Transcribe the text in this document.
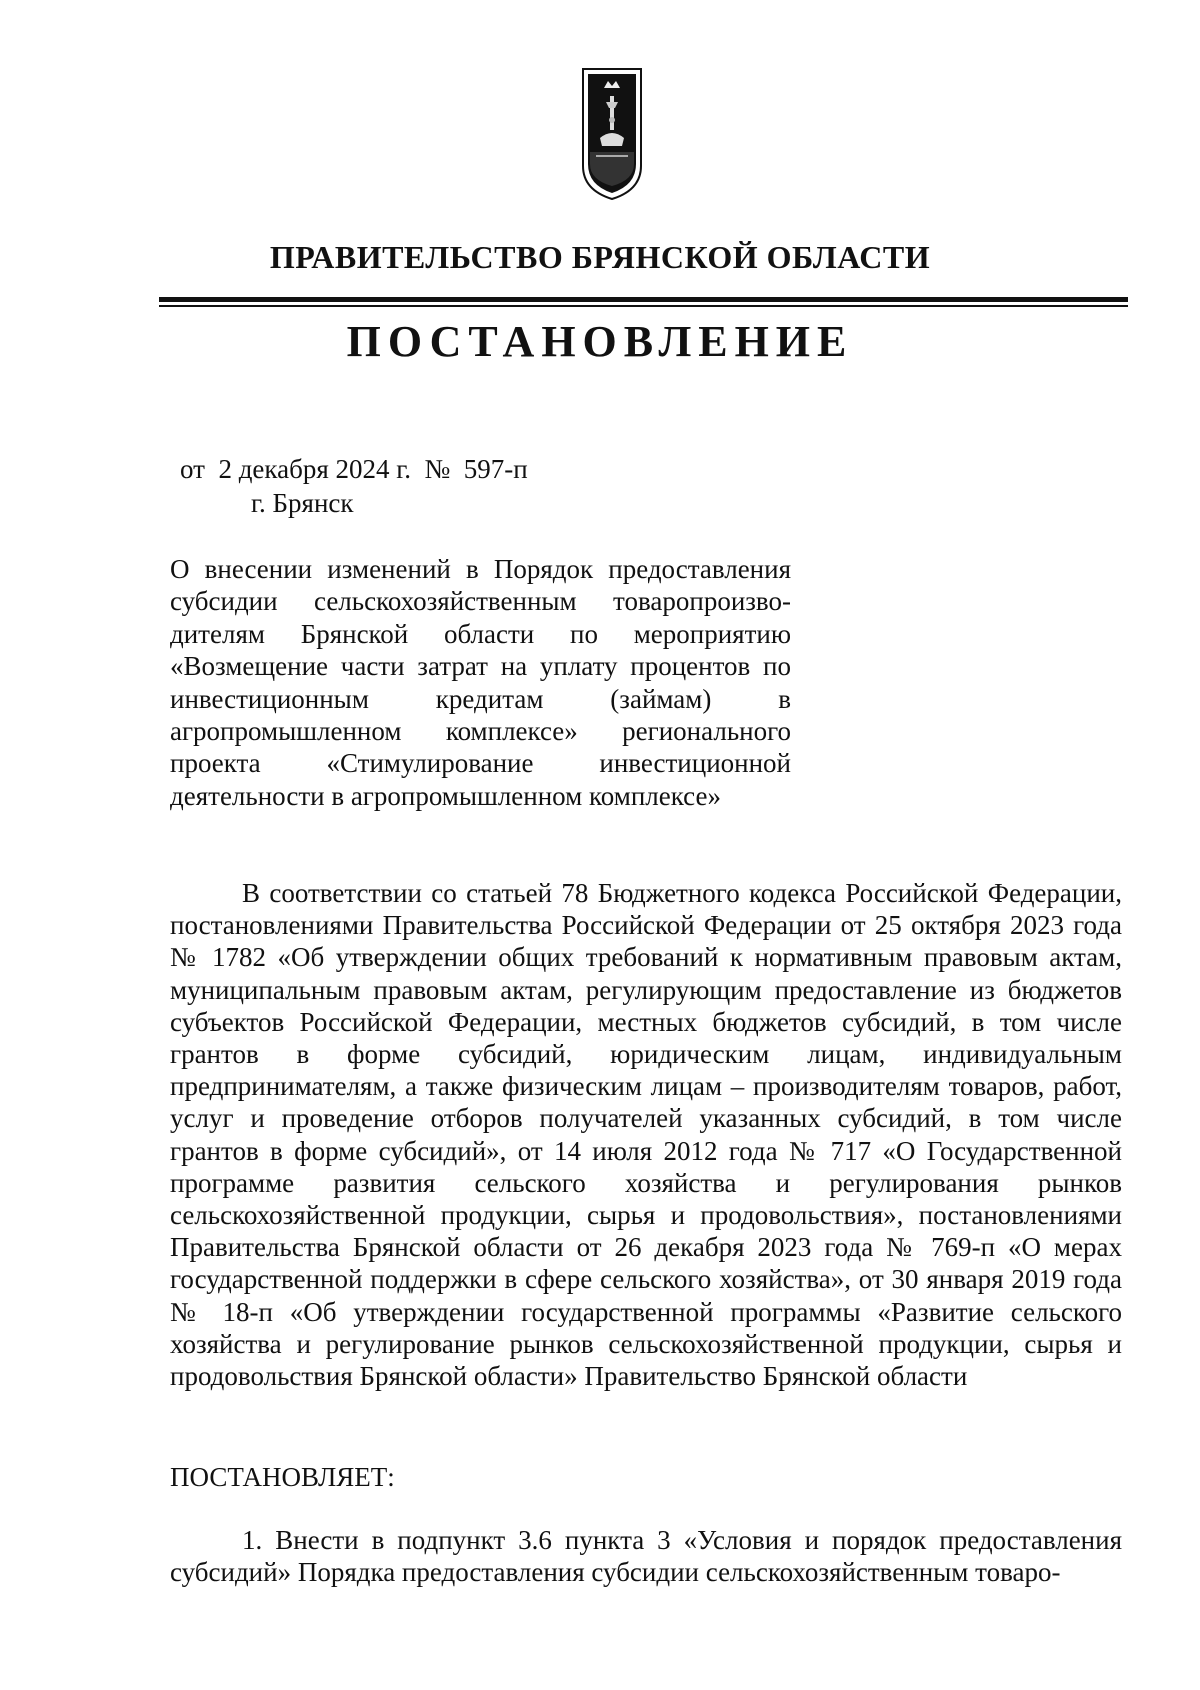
ПРАВИТЕЛЬСТВО БРЯНСКОЙ ОБЛАСТИ
ПОСТАНОВЛЕНИЕ
от  2 декабря 2024 г.  №  597-п
г. Брянск
О внесении изменений в Порядок предоставления субсидии сельскохозяйственным товаропроизво-дителям Брянской области по мероприятию «Возмещение части затрат на уплату процентов по инвестиционным кредитам (займам) в агропромышленном комплексе» регионального проекта «Стимулирование инвестиционной деятельности в агропромышленном комплексе»
В соответствии со статьей 78 Бюджетного кодекса Российской Федерации, постановлениями Правительства Российской Федерации от 25 октября 2023 года № 1782 «Об утверждении общих требований к нормативным правовым актам, муниципальным правовым актам, регулирующим предоставление из бюджетов субъектов Российской Федерации, местных бюджетов субсидий, в том числе грантов в форме субсидий, юридическим лицам, индивидуальным предпринимателям, а также физическим лицам – производителям товаров, работ, услуг и проведение отборов получателей указанных субсидий, в том числе грантов в форме субсидий», от 14 июля 2012 года № 717 «О Государственной программе развития сельского хозяйства и регулирования рынков сельскохозяйственной продукции, сырья и продовольствия», постановлениями Правительства Брянской области от 26 декабря 2023 года № 769-п «О мерах государственной поддержки в сфере сельского хозяйства», от 30 января 2019 года № 18-п «Об утверждении государственной программы «Развитие сельского хозяйства и регулирование рынков сельскохозяйственной продукции, сырья и продовольствия Брянской области» Правительство Брянской области
ПОСТАНОВЛЯЕТ:
1. Внести в подпункт 3.6 пункта 3 «Условия и порядок предоставления субсидий» Порядка предоставления субсидии сельскохозяйственным товаро-
